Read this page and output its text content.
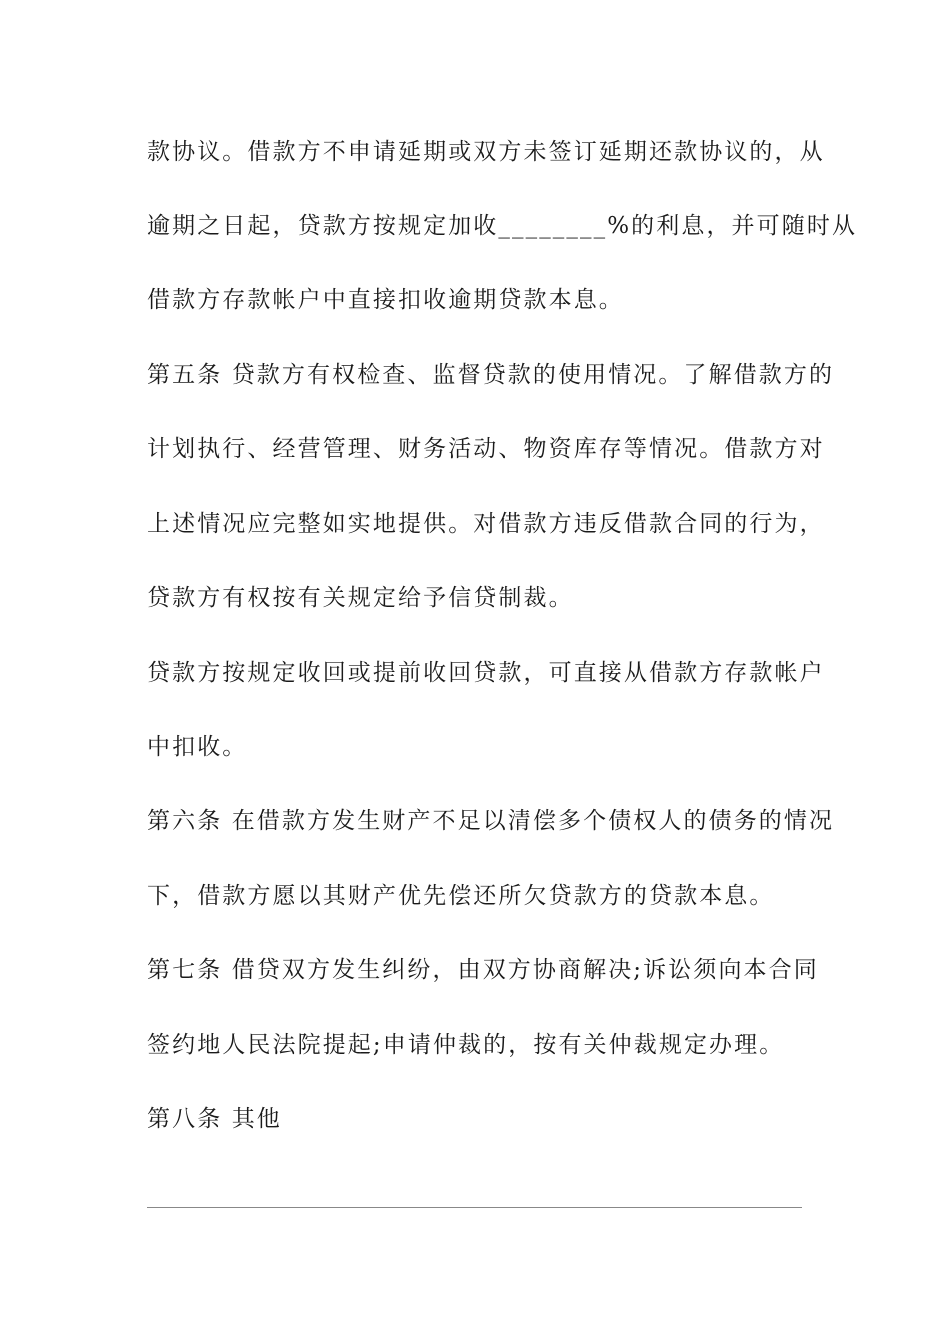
款协议。借款方不申请延期或双方未签订延期还款协议的，从
逾期之日起，贷款方按规定加收________%的利息，并可随时从
借款方存款帐户中直接扣收逾期贷款本息。
第五条 贷款方有权检查、监督贷款的使用情况。了解借款方的
计划执行、经营管理、财务活动、物资库存等情况。借款方对
上述情况应完整如实地提供。对借款方违反借款合同的行为，
贷款方有权按有关规定给予信贷制裁。
贷款方按规定收回或提前收回贷款，可直接从借款方存款帐户
中扣收。
第六条 在借款方发生财产不足以清偿多个债权人的债务的情况
下，借款方愿以其财产优先偿还所欠贷款方的贷款本息。
第七条 借贷双方发生纠纷，由双方协商解决;诉讼须向本合同
签约地人民法院提起;申请仲裁的，按有关仲裁规定办理。
第八条 其他
